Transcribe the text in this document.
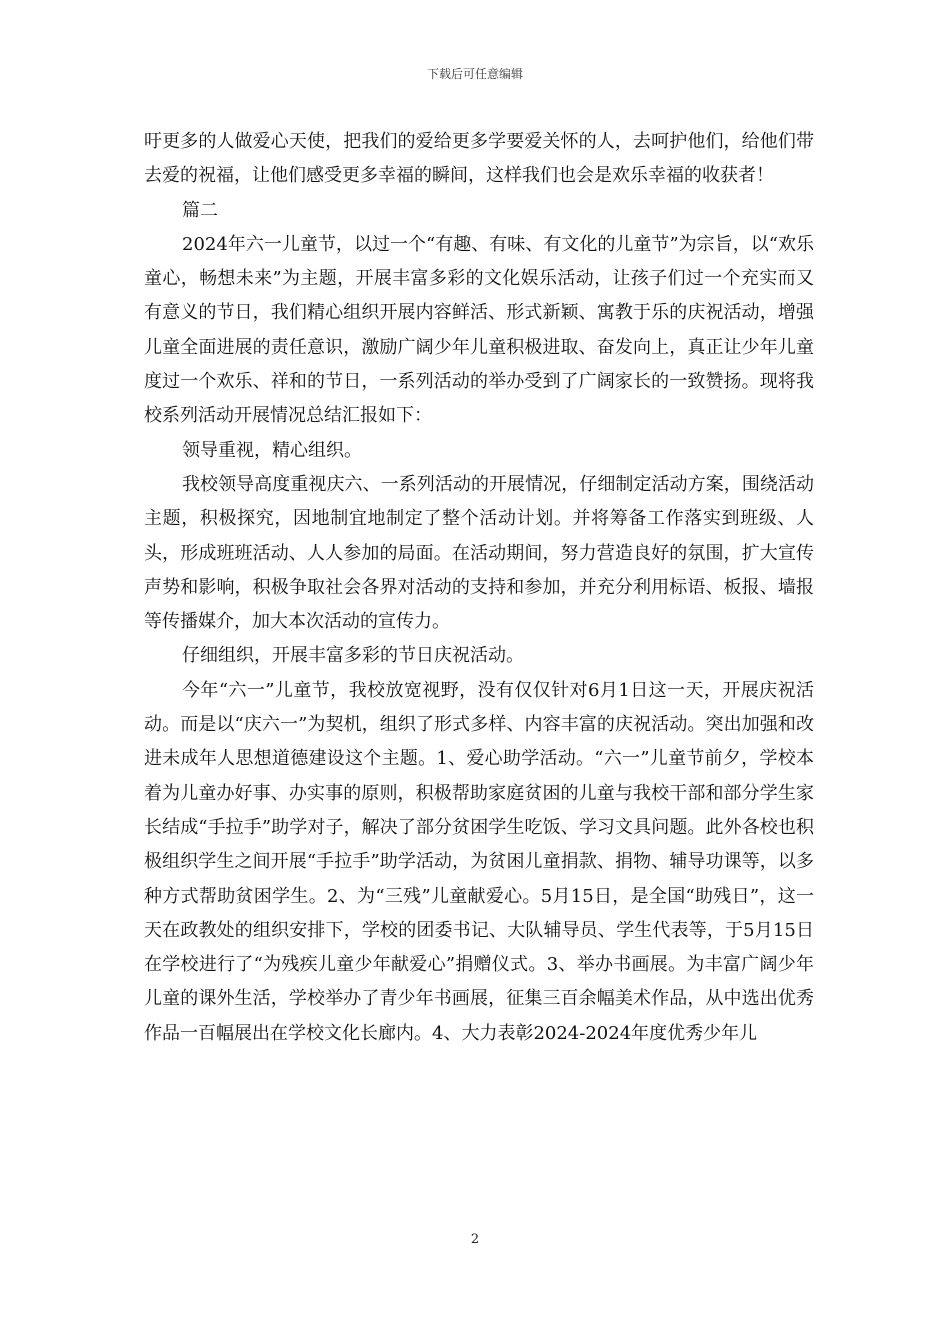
下载后可任意编辑

吁更多的人做爱心天使，把我们的爱给更多学要爱关怀的人，去呵护他们，给他们带去爱的祝福，让他们感受更多幸福的瞬间，这样我们也会是欢乐幸福的收获者！

篇二

2024年六一儿童节，以过一个“有趣、有味、有文化的儿童节”为宗旨，以“欢乐童心，畅想未来”为主题，开展丰富多彩的文化娱乐活动，让孩子们过一个充实而又有意义的节日，我们精心组织开展内容鲜活、形式新颖、寓教于乐的庆祝活动，增强儿童全面进展的责任意识，激励广阔少年儿童积极进取、奋发向上，真正让少年儿童度过一个欢乐、祥和的节日，一系列活动的举办受到了广阔家长的一致赞扬。现将我校系列活动开展情况总结汇报如下：

领导重视，精心组织。

我校领导高度重视庆六、一系列活动的开展情况，仔细制定活动方案，围绕活动主题，积极探究，因地制宜地制定了整个活动计划。并将筹备工作落实到班级、人头，形成班班活动、人人参加的局面。在活动期间，努力营造良好的氛围，扩大宣传声势和影响，积极争取社会各界对活动的支持和参加，并充分利用标语、板报、墙报等传播媒介，加大本次活动的宣传力。

仔细组织，开展丰富多彩的节日庆祝活动。

今年“六一”儿童节，我校放宽视野，没有仅仅针对6月1日这一天，开展庆祝活动。而是以“庆六一”为契机，组织了形式多样、内容丰富的庆祝活动。突出加强和改进未成年人思想道德建设这个主题。1、爱心助学活动。“六一”儿童节前夕，学校本着为儿童办好事、办实事的原则，积极帮助家庭贫困的儿童与我校干部和部分学生家长结成“手拉手”助学对子，解决了部分贫困学生吃饭、学习文具问题。此外各校也积极组织学生之间开展“手拉手”助学活动，为贫困儿童捐款、捐物、辅导功课等，以多种方式帮助贫困学生。2、为“三残”儿童献爱心。5月15日，是全国“助残日”，这一天在政教处的组织安排下，学校的团委书记、大队辅导员、学生代表等，于5月15日在学校进行了“为残疾儿童少年献爱心”捐赠仪式。3、举办书画展。为丰富广阔少年儿童的课外生活，学校举办了青少年书画展，征集三百余幅美术作品，从中选出优秀作品一百幅展出在学校文化长廊内。4、大力表彰2024-2024年度优秀少年儿

2
